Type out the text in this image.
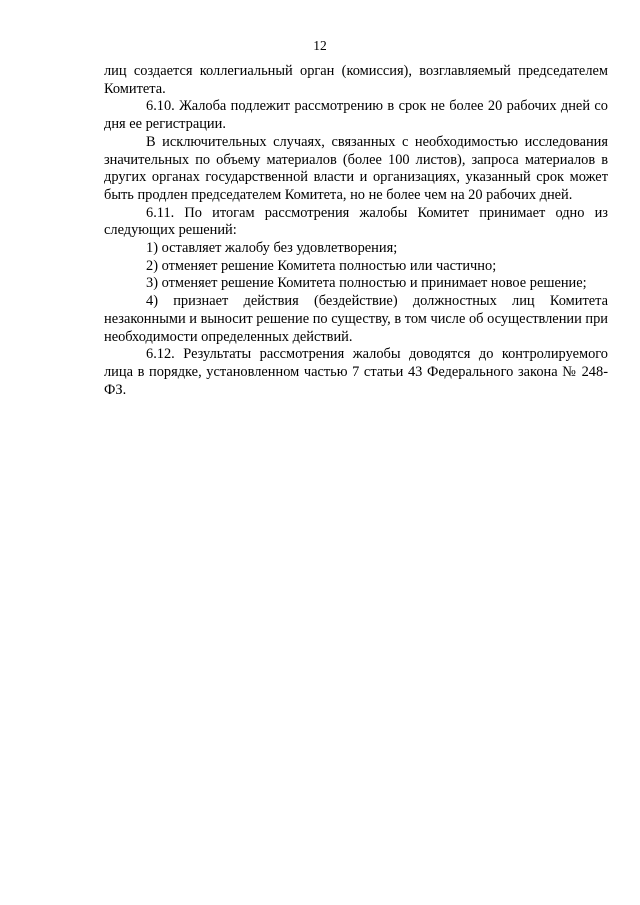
12

лиц создается коллегиальный орган (комиссия), возглавляемый председателем Комитета.

6.10. Жалоба подлежит рассмотрению в срок не более 20 рабочих дней со дня ее регистрации.

В исключительных случаях, связанных с необходимостью исследования значительных по объему материалов (более 100 листов), запроса материалов в других органах государственной власти и организациях, указанный срок может быть продлен председателем Комитета, но не более чем на 20 рабочих дней.

6.11. По итогам рассмотрения жалобы Комитет принимает одно из следующих решений:

1) оставляет жалобу без удовлетворения;

2) отменяет решение Комитета полностью или частично;

3) отменяет решение Комитета полностью и принимает новое решение;

4) признает действия (бездействие) должностных лиц Комитета незаконными и выносит решение по существу, в том числе об осуществлении при необходимости определенных действий.

6.12. Результаты рассмотрения жалобы доводятся до контролируемого лица в порядке, установленном частью 7 статьи 43 Федерального закона № 248-ФЗ.
